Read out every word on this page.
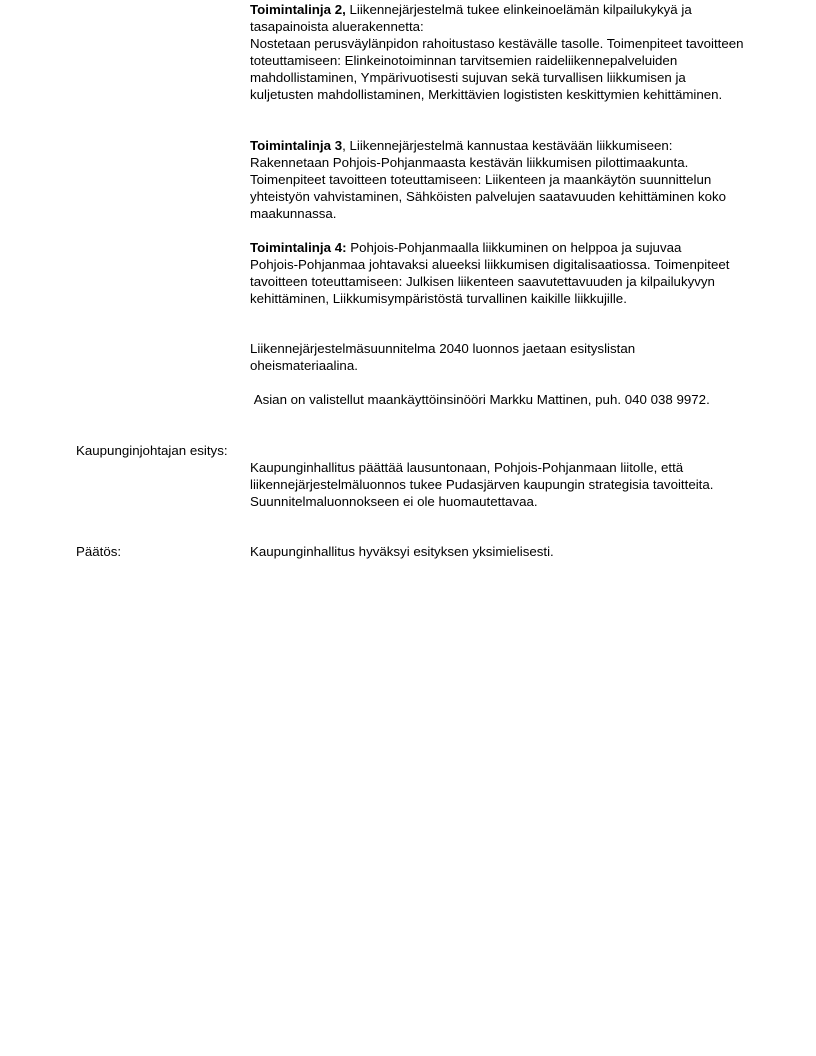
Toimintalinja 2, Liikennejärjestelmä tukee elinkeinoelämän kilpailukykyä ja tasapainoista aluerakennetta:

Nostetaan perusväylänpidon rahoitustaso kestävälle tasolle. Toimenpiteet tavoitteen toteuttamiseen: Elinkeinotoiminnan tarvitsemien raideliikennepalveluiden mahdollistaminen, Ympärivuotisesti sujuvan sekä turvallisen liikkumisen ja kuljetusten mahdollistaminen, Merkittävien logististen keskittymien kehittäminen.

Toimintalinja 3, Liikennejärjestelmä kannustaa kestävään liikkumiseen:

Rakennetaan Pohjois-Pohjanmaasta kestävän liikkumisen pilottimaakunta. Toimenpiteet tavoitteen toteuttamiseen: Liikenteen ja maankäytön suunnittelun yhteistyön vahvistaminen, Sähköisten palvelujen saatavuuden kehittäminen koko maakunnassa.

Toimintalinja 4: Pohjois-Pohjanmaalla liikkuminen on helppoa ja sujuvaa

Pohjois-Pohjanmaa johtavaksi alueeksi liikkumisen digitalisaatiossa. Toimenpiteet tavoitteen toteuttamiseen: Julkisen liikenteen saavutettavuuden ja kilpailukyvyn kehittäminen, Liikkumisympäristöstä turvallinen kaikille liikkujille.

Liikennejärjestelmäsuunnitelma 2040 luonnos jaetaan esityslistan oheismateriaalina.

Asian on valistellut maankäyttöinsinööri Markku Mattinen, puh. 040 038 9972.

Kaupunginjohtajan esitys:

Kaupunginhallitus päättää lausuntonaan, Pohjois-Pohjanmaan liitolle, että liikennejärjestelmäluonnos tukee Pudasjärven kaupungin strategisia tavoitteita. Suunnitelmaluonnokseen ei ole huomautettavaa.

Päätös:	Kaupunginhallitus hyväksyi esityksen yksimielisesti.
